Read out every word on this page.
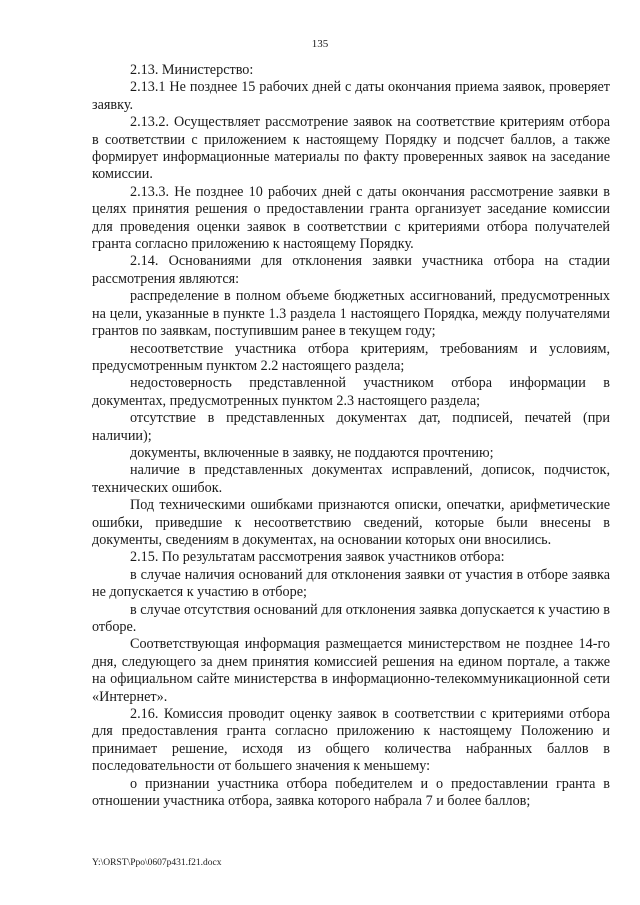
135

2.13. Министерство:

2.13.1 Не позднее 15 рабочих дней с даты окончания приема заявок, проверяет заявку.

2.13.2. Осуществляет рассмотрение заявок на соответствие критериям отбора в соответствии с приложением к настоящему Порядку и подсчет баллов, а также формирует информационные материалы по факту проверенных заявок на заседание комиссии.

2.13.3. Не позднее 10 рабочих дней с даты окончания рассмотрение заявки в целях принятия решения о предоставлении гранта организует заседание комиссии для проведения оценки заявок в соответствии с критериями отбора получателей гранта согласно приложению к настоящему Порядку.

2.14. Основаниями для отклонения заявки участника отбора на стадии рассмотрения являются:

распределение в полном объеме бюджетных ассигнований, предусмотренных на цели, указанные в пункте 1.3 раздела 1 настоящего Порядка, между получателями грантов по заявкам, поступившим ранее в текущем году;

несоответствие участника отбора критериям, требованиям и условиям, предусмотренным пунктом 2.2 настоящего раздела;

недостоверность представленной участником отбора информации в документах, предусмотренных пунктом 2.3 настоящего раздела;

отсутствие в представленных документах дат, подписей, печатей (при наличии);

документы, включенные в заявку, не поддаются прочтению;

наличие в представленных документах исправлений, дописок, подчисток, технических ошибок.

Под техническими ошибками признаются описки, опечатки, арифметические ошибки, приведшие к несоответствию сведений, которые были внесены в документы, сведениям в документах, на основании которых они вносились.

2.15. По результатам рассмотрения заявок участников отбора:

в случае наличия оснований для отклонения заявки от участия в отборе заявка не допускается к участию в отборе;

в случае отсутствия оснований для отклонения заявка допускается к участию в отборе.

Соответствующая информация размещается министерством не позднее 14-го дня, следующего за днем принятия комиссией решения на едином портале, а также на официальном сайте министерства в информационно-телекоммуникационной сети «Интернет».

2.16. Комиссия проводит оценку заявок в соответствии с критериями отбора для предоставления гранта согласно приложению к настоящему Положению и принимает решение, исходя из общего количества набранных баллов в последовательности от большего значения к меньшему:

о признании участника отбора победителем и о предоставлении гранта в отношении участника отбора, заявка которого набрала 7 и более баллов;

Y:\ORST\Ppo\0607p431.f21.docx
